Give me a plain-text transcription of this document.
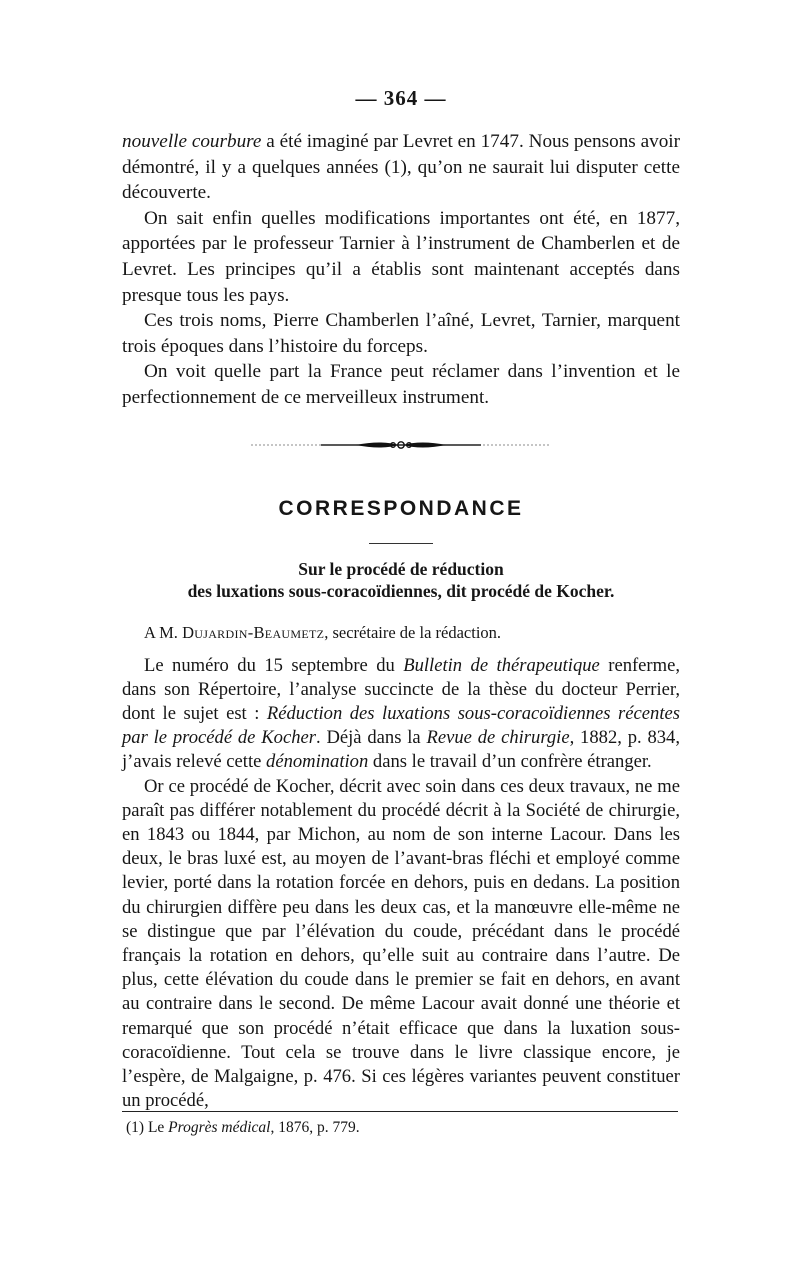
— 364 —

nouvelle courbure a été imaginé par Levret en 1747. Nous pensons avoir démontré, il y a quelques années (1), qu’on ne saurait lui disputer cette découverte.

On sait enfin quelles modifications importantes ont été, en 1877, apportées par le professeur Tarnier à l’instrument de Chamberlen et de Levret. Les principes qu’il a établis sont maintenant acceptés dans presque tous les pays.

Ces trois noms, Pierre Chamberlen l’aîné, Levret, Tarnier, marquent trois époques dans l’histoire du forceps.

On voit quelle part la France peut réclamer dans l’invention et le perfectionnement de ce merveilleux instrument.

CORRESPONDANCE
Sur le procédé de réduction
des luxations sous-coracoïdiennes, dit procédé de Kocher.
A M. Dujardin-Beaumetz, secrétaire de la rédaction.

Le numéro du 15 septembre du Bulletin de thérapeutique renferme, dans son Répertoire, l’analyse succincte de la thèse du docteur Perrier, dont le sujet est : Réduction des luxations sous-coracoïdiennes récentes par le procédé de Kocher. Déjà dans la Revue de chirurgie, 1882, p. 834, j’avais relevé cette dénomination dans le travail d’un confrère étranger.

Or ce procédé de Kocher, décrit avec soin dans ces deux travaux, ne me paraît pas différer notablement du procédé décrit à la Société de chirurgie, en 1843 ou 1844, par Michon, au nom de son interne Lacour. Dans les deux, le bras luxé est, au moyen de l’avant-bras fléchi et employé comme levier, porté dans la rotation forcée en dehors, puis en dedans. La position du chirurgien diffère peu dans les deux cas, et la manœuvre elle-même ne se distingue que par l’élévation du coude, précédant dans le procédé français la rotation en dehors, qu’elle suit au contraire dans l’autre. De plus, cette élévation du coude dans le premier se fait en dehors, en avant au contraire dans le second. De même Lacour avait donné une théorie et remarqué que son procédé n’était efficace que dans la luxation sous-coracoïdienne. Tout cela se trouve dans le livre classique encore, je l’espère, de Malgaigne, p. 476. Si ces légères variantes peuvent constituer un procédé,

(1) Le Progrès médical, 1876, p. 779.
